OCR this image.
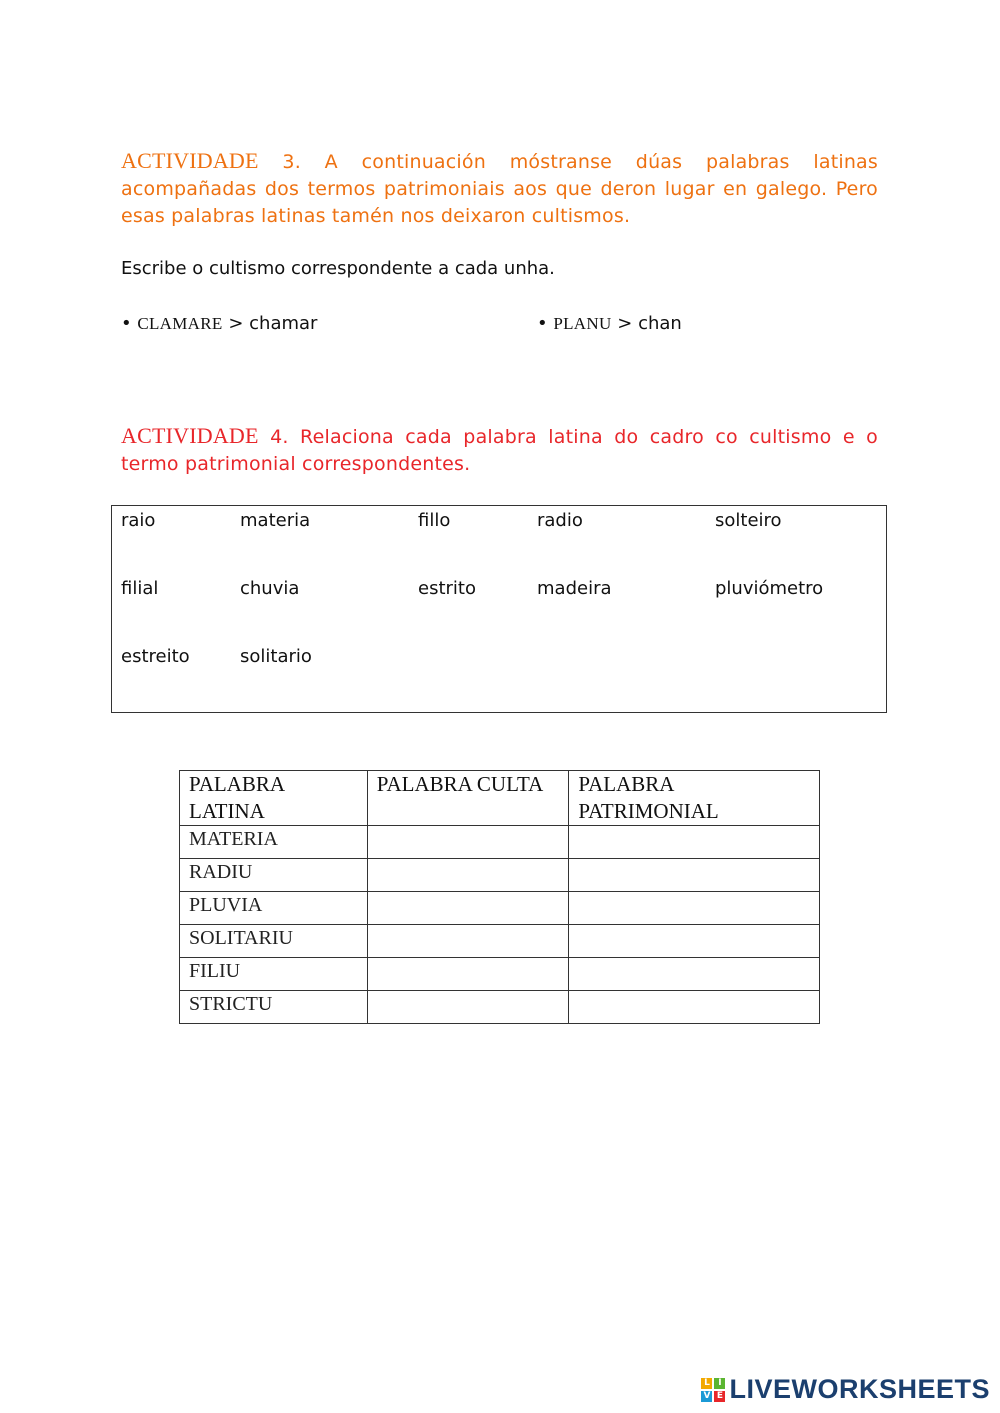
ACTIVIDADE 3. A continuación móstranse dúas palabras latinas acompañadas dos termos patrimoniais aos que deron lugar en galego. Pero esas palabras latinas tamén nos deixaron cultismos.
Escribe o cultismo correspondente a cada unha.
• CLAMARE > chamar	• PLANU > chan
ACTIVIDADE 4. Relaciona cada palabra latina do cadro co cultismo e o termo patrimonial correspondentes.
raio	materia	fillo	radio	solteiro
filial	chuvia	estrito	madeira	pluviómetro
estreito	solitario
PALABRA LATINA	PALABRA CULTA	PALABRA PATRIMONIAL
MATERIA		
RADIU		
PLUVIA		
SOLITARIU		
FILIU		
STRICTU		
L I
V E LIVEWORKSHEETS
